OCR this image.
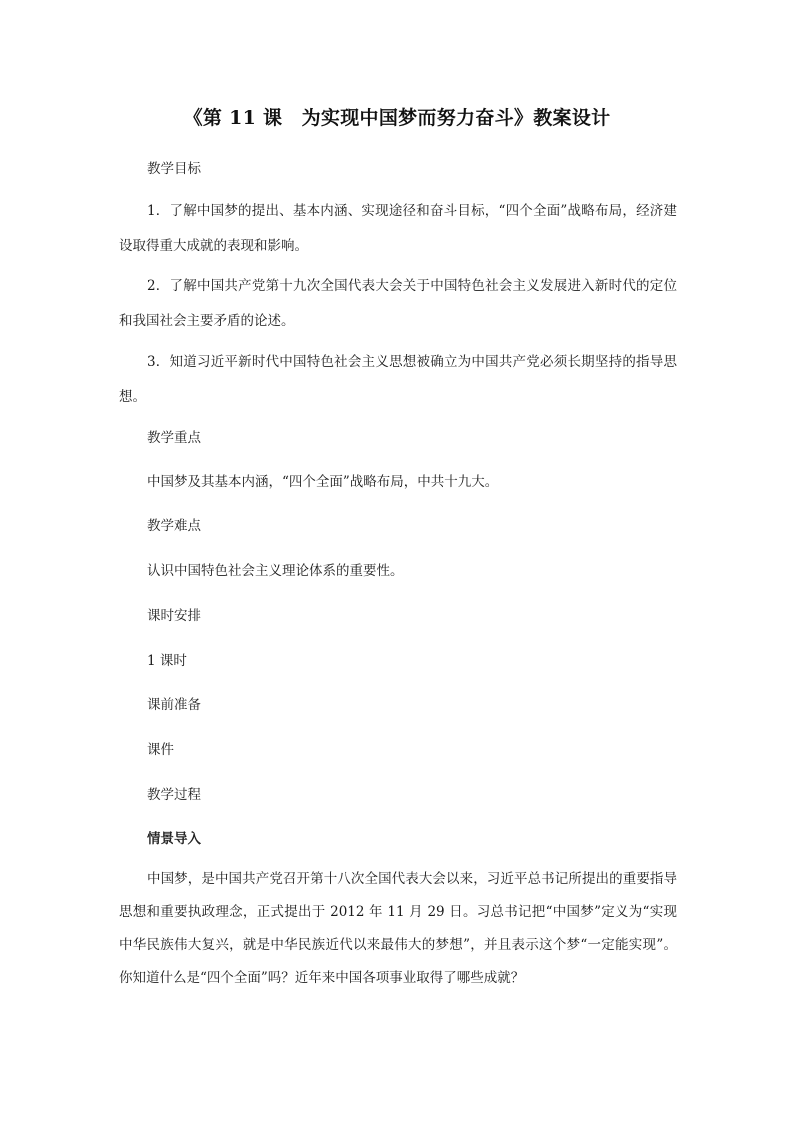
《第 11 课　为实现中国梦而努力奋斗》教案设计
教学目标
1．了解中国梦的提出、基本内涵、实现途径和奋斗目标，“四个全面”战略布局，经济建设取得重大成就的表现和影响。
2．了解中国共产党第十九次全国代表大会关于中国特色社会主义发展进入新时代的定位和我国社会主要矛盾的论述。
3．知道习近平新时代中国特色社会主义思想被确立为中国共产党必须长期坚持的指导思想。
教学重点
中国梦及其基本内涵，“四个全面”战略布局，中共十九大。
教学难点
认识中国特色社会主义理论体系的重要性。
课时安排
1 课时
课前准备
课件
教学过程
情景导入
中国梦，是中国共产党召开第十八次全国代表大会以来，习近平总书记所提出的重要指导思想和重要执政理念，正式提出于 2012 年 11 月 29 日。习总书记把“中国梦”定义为“实现中华民族伟大复兴，就是中华民族近代以来最伟大的梦想”，并且表示这个梦“一定能实现”。 你知道什么是“四个全面”吗？近年来中国各项事业取得了哪些成就？
